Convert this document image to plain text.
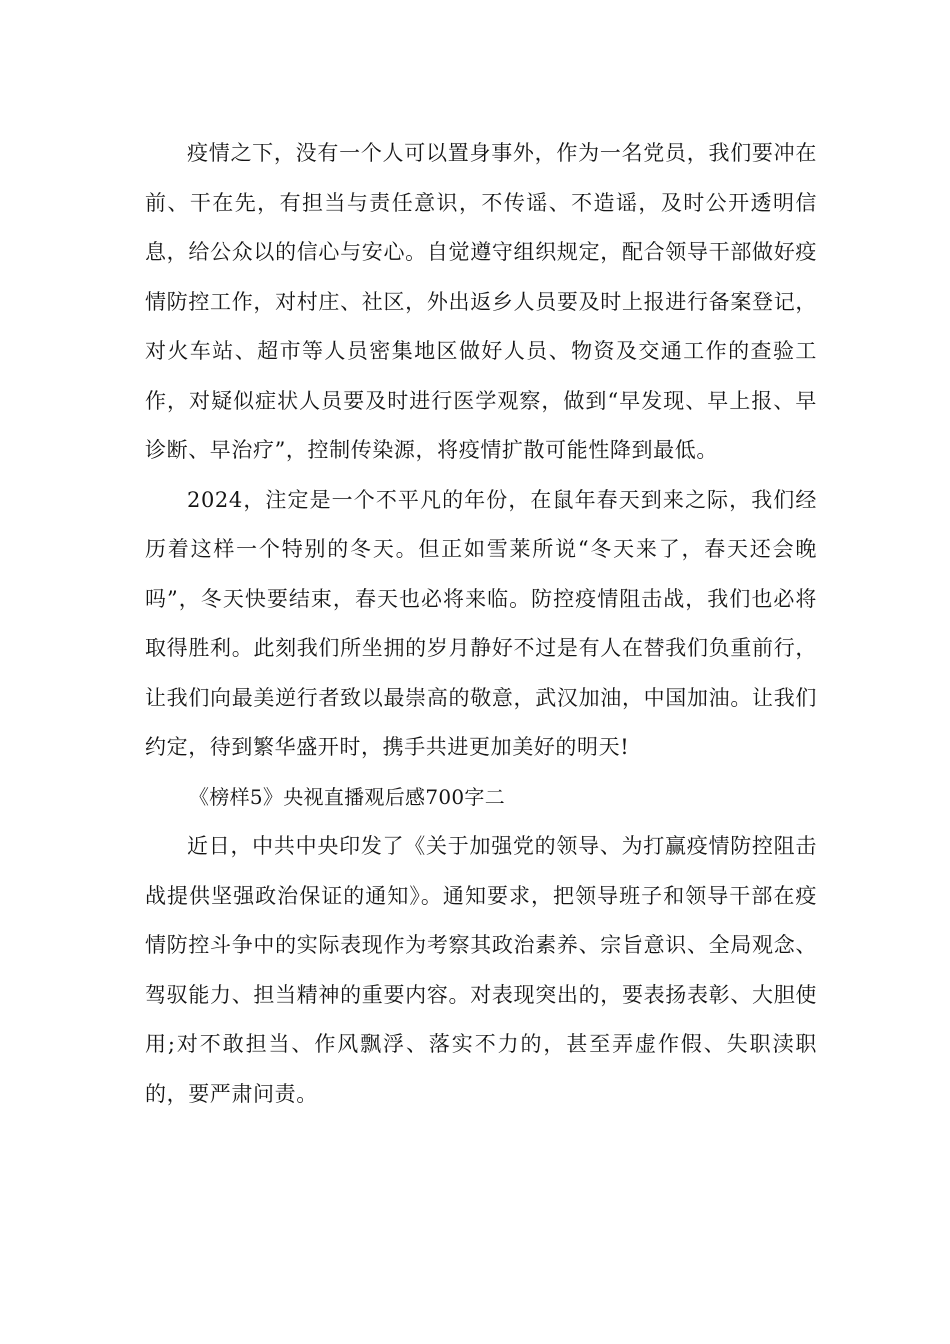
疫情之下，没有一个人可以置身事外，作为一名党员，我们要冲在前、干在先，有担当与责任意识，不传谣、不造谣，及时公开透明信息，给公众以的信心与安心。自觉遵守组织规定，配合领导干部做好疫情防控工作，对村庄、社区，外出返乡人员要及时上报进行备案登记，对火车站、超市等人员密集地区做好人员、物资及交通工作的查验工作，对疑似症状人员要及时进行医学观察，做到“早发现、早上报、早诊断、早治疗”，控制传染源，将疫情扩散可能性降到最低。

2024，注定是一个不平凡的年份，在鼠年春天到来之际，我们经历着这样一个特别的冬天。但正如雪莱所说“冬天来了，春天还会晚吗”，冬天快要结束，春天也必将来临。防控疫情阻击战，我们也必将取得胜利。此刻我们所坐拥的岁月静好不过是有人在替我们负重前行，让我们向最美逆行者致以最崇高的敬意，武汉加油，中国加油。让我们约定，待到繁华盛开时，携手共进更加美好的明天!

《榜样5》央视直播观后感700字二

近日，中共中央印发了《关于加强党的领导、为打赢疫情防控阻击战提供坚强政治保证的通知》。通知要求，把领导班子和领导干部在疫情防控斗争中的实际表现作为考察其政治素养、宗旨意识、全局观念、驾驭能力、担当精神的重要内容。对表现突出的，要表扬表彰、大胆使用;对不敢担当、作风飘浮、落实不力的，甚至弄虚作假、失职渎职的，要严肃问责。
